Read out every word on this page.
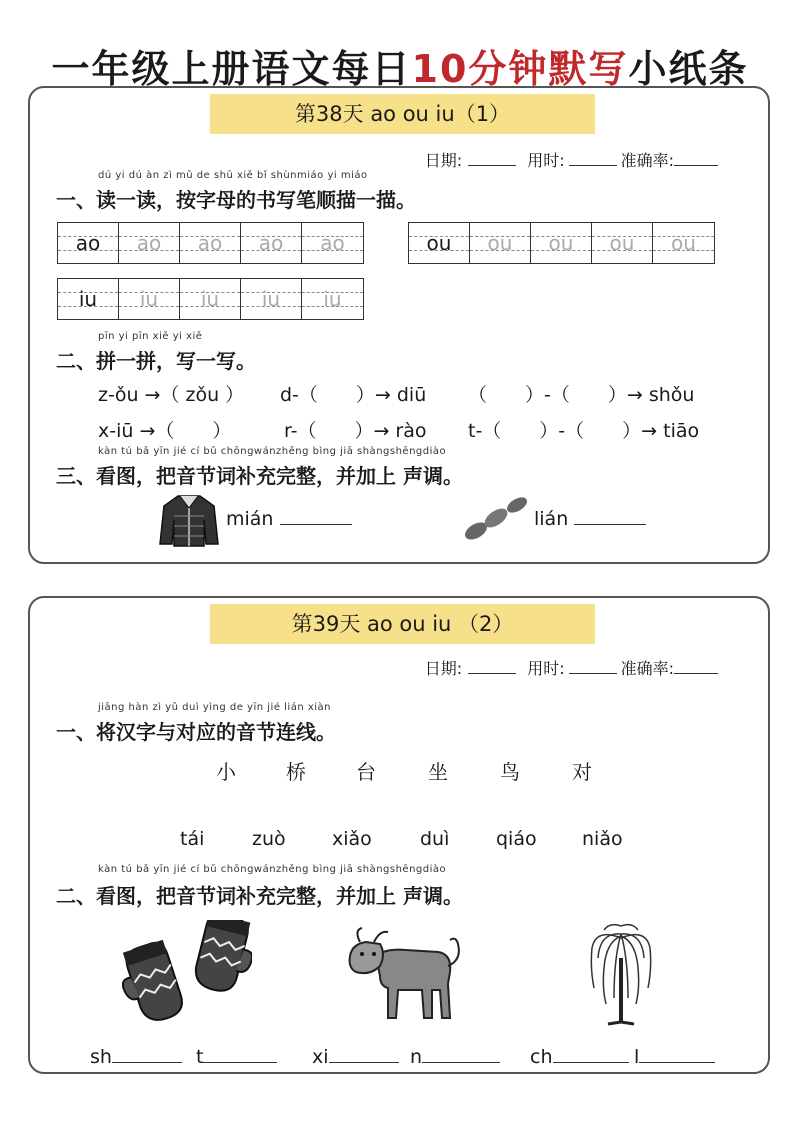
一年级上册语文每日10分钟默写小纸条
第38天 ao ou iu（1）
日期:	用时:	准确率:
dú yi dú àn zì mǔ de shū xiě bǐ shùnmiáo yi miáo
一、读一读，按字母的书写笔顺描一描。
ao	ao	ao	ao	ao	ou	ou	ou	ou	ou
iu	iu	iu	iu	iu
pīn yi pīn xiě yi xiě
二、拼一拼，写一写。
z-ǒu →（ zǒu ） d-（　　）→ diū （　　）-（　　）→ shǒu
x-iū →（　　）	r-（　　）→ rào t-（　　）-（　　）→ tiāo
kàn tú bǎ yīn jié cí bǔ chōngwánzhěng bìng jiā shàngshēngdiào
三、看图，把音节词补充完整，并加上 声调。
mián	lián
第39天 ao ou iu （2）
日期:	用时:	准确率:
jiāng hàn zì yǔ duì yìng de yīn jié lián xiàn
一、将汉字与对应的音节连线。
小	桥	台	坐	鸟	对
tái	zuò xiǎo	duì qiáo niǎo
kàn tú bǎ yīn jié cí bǔ chōngwánzhěng bìng jiā shàngshēngdiào
二、看图，把音节词补充完整，并加上 声调。
sh	t	xi	n	ch	l
